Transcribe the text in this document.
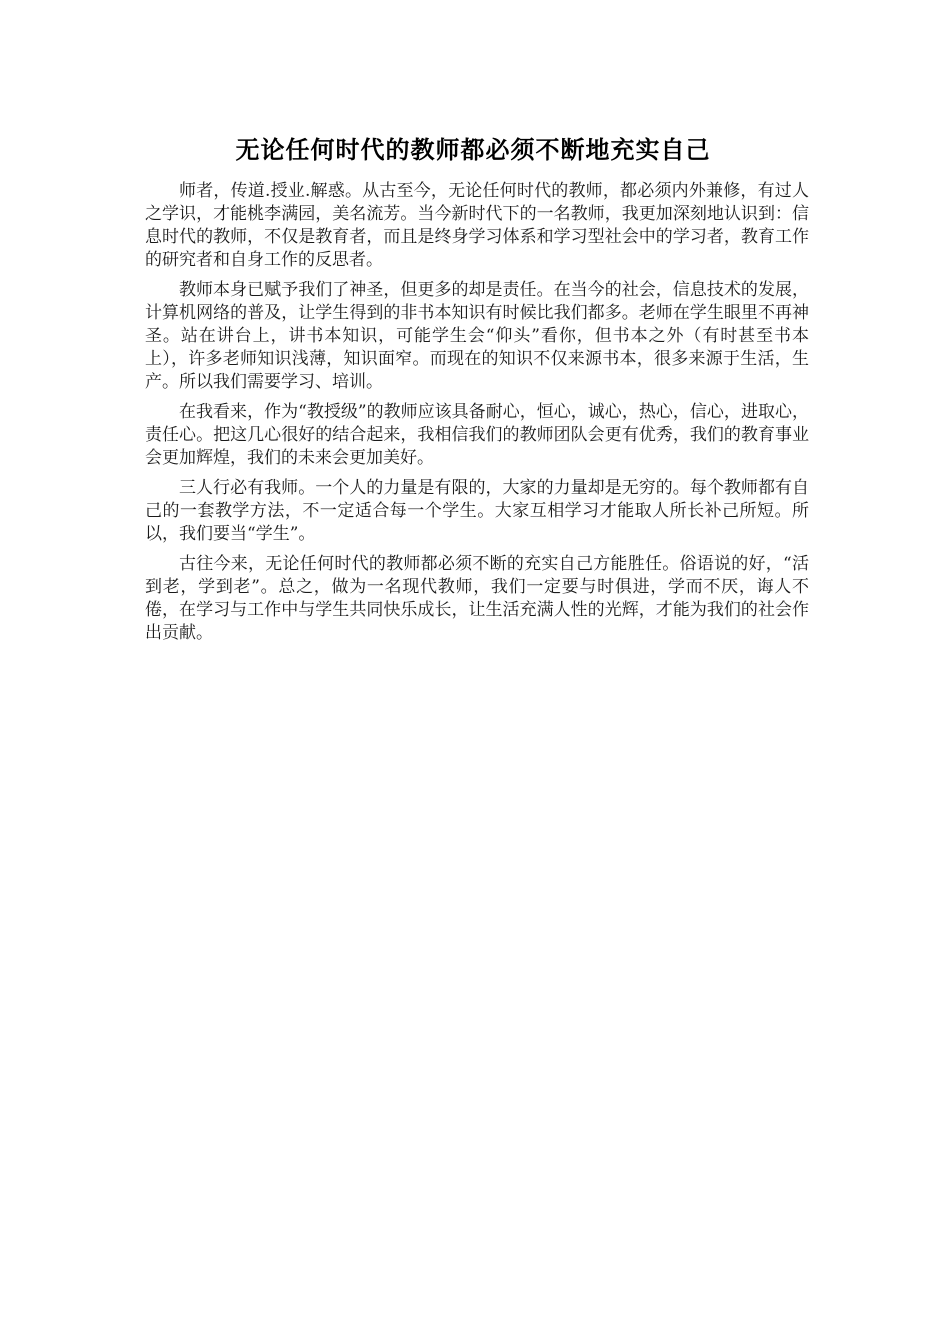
无论任何时代的教师都必须不断地充实自己

师者，传道.授业.解惑。从古至今，无论任何时代的教师，都必须内外兼修，有过人之学识，才能桃李满园，美名流芳。当今新时代下的一名教师，我更加深刻地认识到：信息时代的教师，不仅是教育者，而且是终身学习体系和学习型社会中的学习者，教育工作的研究者和自身工作的反思者。

教师本身已赋予我们了神圣，但更多的却是责任。在当今的社会，信息技术的发展，计算机网络的普及，让学生得到的非书本知识有时候比我们都多。老师在学生眼里不再神圣。站在讲台上，讲书本知识，可能学生会“仰头”看你，但书本之外（有时甚至书本上），许多老师知识浅薄，知识面窄。而现在的知识不仅来源书本，很多来源于生活，生产。所以我们需要学习、培训。

在我看来，作为“教授级”的教师应该具备耐心，恒心，诚心，热心，信心，进取心，责任心。把这几心很好的结合起来，我相信我们的教师团队会更有优秀，我们的教育事业会更加辉煌，我们的未来会更加美好。

三人行必有我师。一个人的力量是有限的，大家的力量却是无穷的。每个教师都有自己的一套教学方法，不一定适合每一个学生。大家互相学习才能取人所长补己所短。所以，我们要当“学生”。

古往今来，无论任何时代的教师都必须不断的充实自己方能胜任。俗语说的好，“活到老，学到老”。总之，做为一名现代教师，我们一定要与时俱进，学而不厌，诲人不倦，在学习与工作中与学生共同快乐成长，让生活充满人性的光辉，才能为我们的社会作出贡献。
